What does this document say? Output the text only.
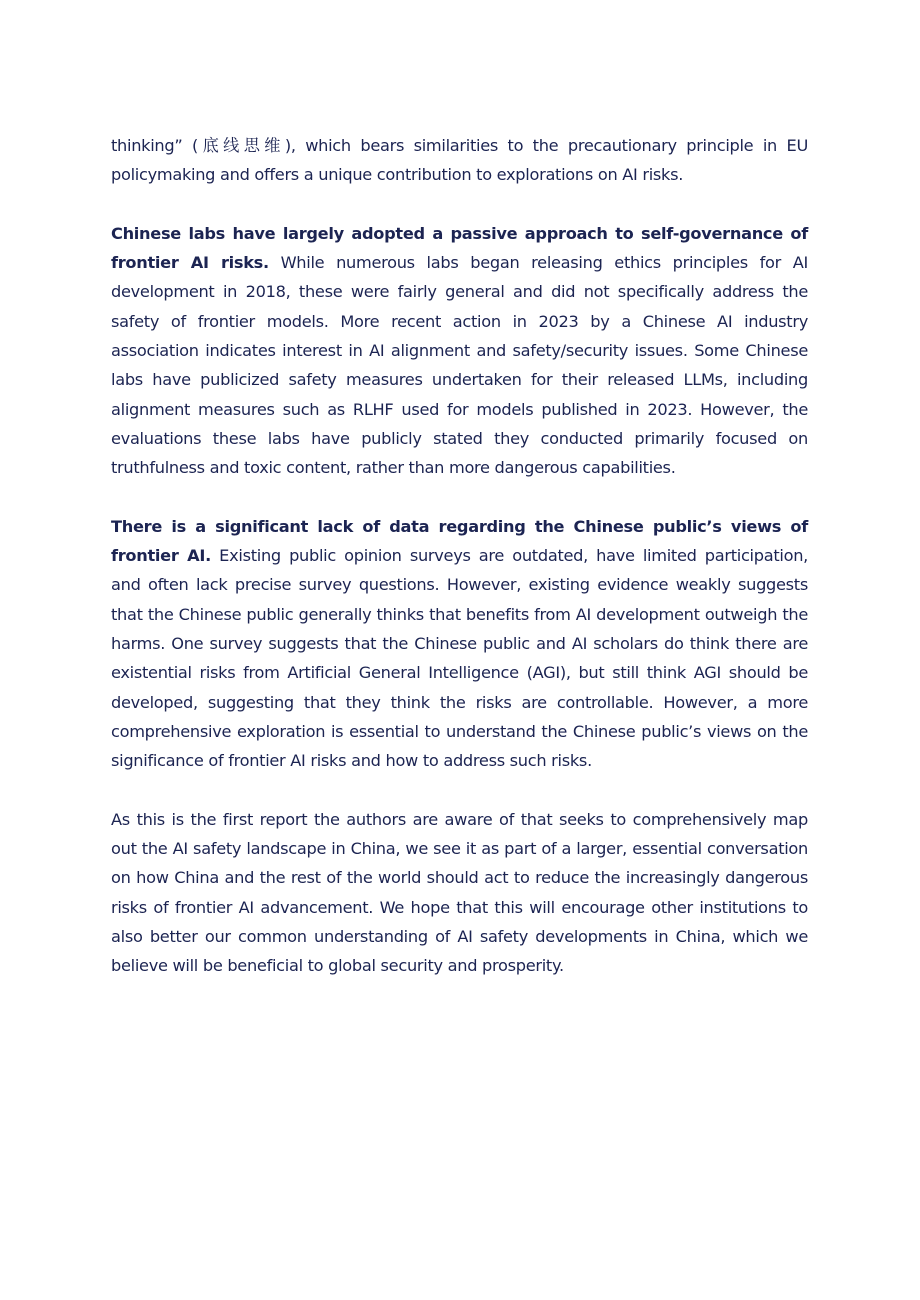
thinking” (底线思维), which bears similarities to the precautionary principle in EU policymaking and offers a unique contribution to explorations on AI risks.

Chinese labs have largely adopted a passive approach to self-governance of frontier AI risks. While numerous labs began releasing ethics principles for AI development in 2018, these were fairly general and did not specifically address the safety of frontier models. More recent action in 2023 by a Chinese AI industry association indicates interest in AI alignment and safety/security issues. Some Chinese labs have publicized safety measures undertaken for their released LLMs, including alignment measures such as RLHF used for models published in 2023. However, the evaluations these labs have publicly stated they conducted primarily focused on truthfulness and toxic content, rather than more dangerous capabilities.

There is a significant lack of data regarding the Chinese public’s views of frontier AI. Existing public opinion surveys are outdated, have limited participation, and often lack precise survey questions. However, existing evidence weakly suggests that the Chinese public generally thinks that benefits from AI development outweigh the harms. One survey suggests that the Chinese public and AI scholars do think there are existential risks from Artificial General Intelligence (AGI), but still think AGI should be developed, suggesting that they think the risks are controllable. However, a more comprehensive exploration is essential to understand the Chinese public’s views on the significance of frontier AI risks and how to address such risks.

As this is the first report the authors are aware of that seeks to comprehensively map out the AI safety landscape in China, we see it as part of a larger, essential conversation on how China and the rest of the world should act to reduce the increasingly dangerous risks of frontier AI advancement. We hope that this will encourage other institutions to also better our common understanding of AI safety developments in China, which we believe will be beneficial to global security and prosperity.
